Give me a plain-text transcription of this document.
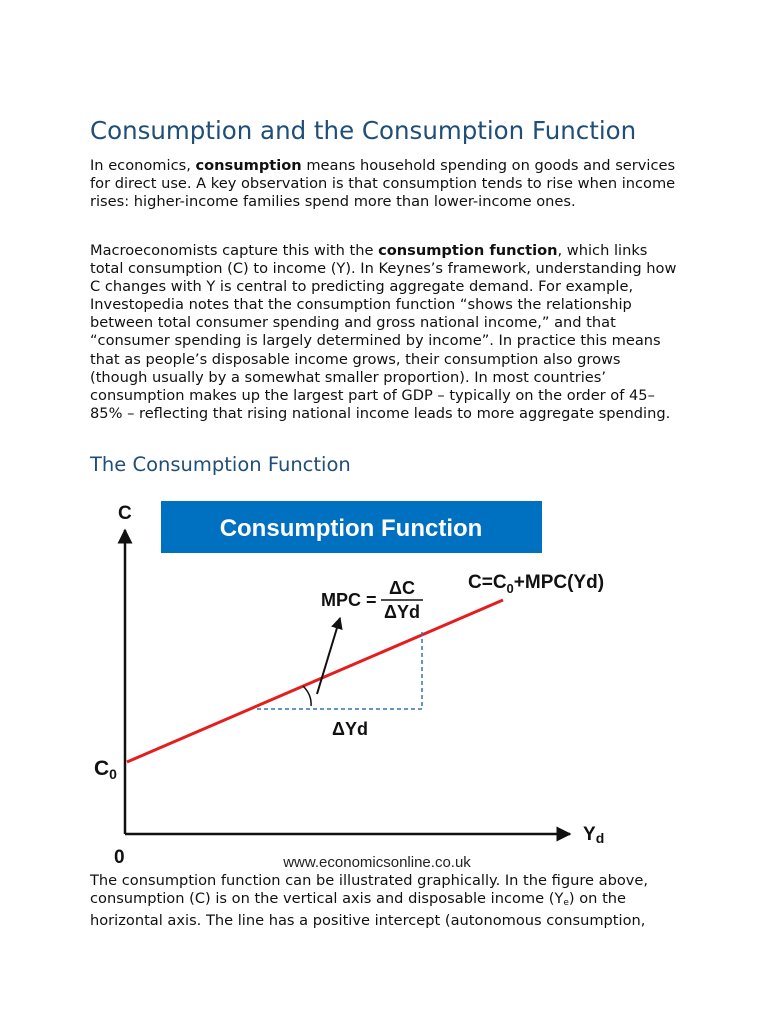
Consumption and the Consumption Function

In economics, consumption means household spending on goods and services for direct use. A key observation is that consumption tends to rise when income rises: higher-income families spend more than lower-income ones.

Macroeconomists capture this with the consumption function, which links total consumption (C) to income (Y). In Keynes’s framework, understanding how C changes with Y is central to predicting aggregate demand. For example, Investopedia notes that the consumption function “shows the relationship between total consumer spending and gross national income,” and that “consumer spending is largely determined by income”. In practice this means that as people’s disposable income grows, their consumption also grows (though usually by a somewhat smaller proportion). In most countries’ consumption makes up the largest part of GDP – typically on the order of 45–85% – reflecting that rising national income leads to more aggregate spending.

The Consumption Function

The consumption function can be illustrated graphically. In the figure above, consumption (C) is on the vertical axis and disposable income (Ye) on the horizontal axis. The line has a positive intercept (autonomous consumption,

Consumption Function
C
Yd
0
C0
$C=C_0+MPC(Yd)$
MPC =
ΔC
ΔYd
ΔYd
www.economicsonline.co.uk
